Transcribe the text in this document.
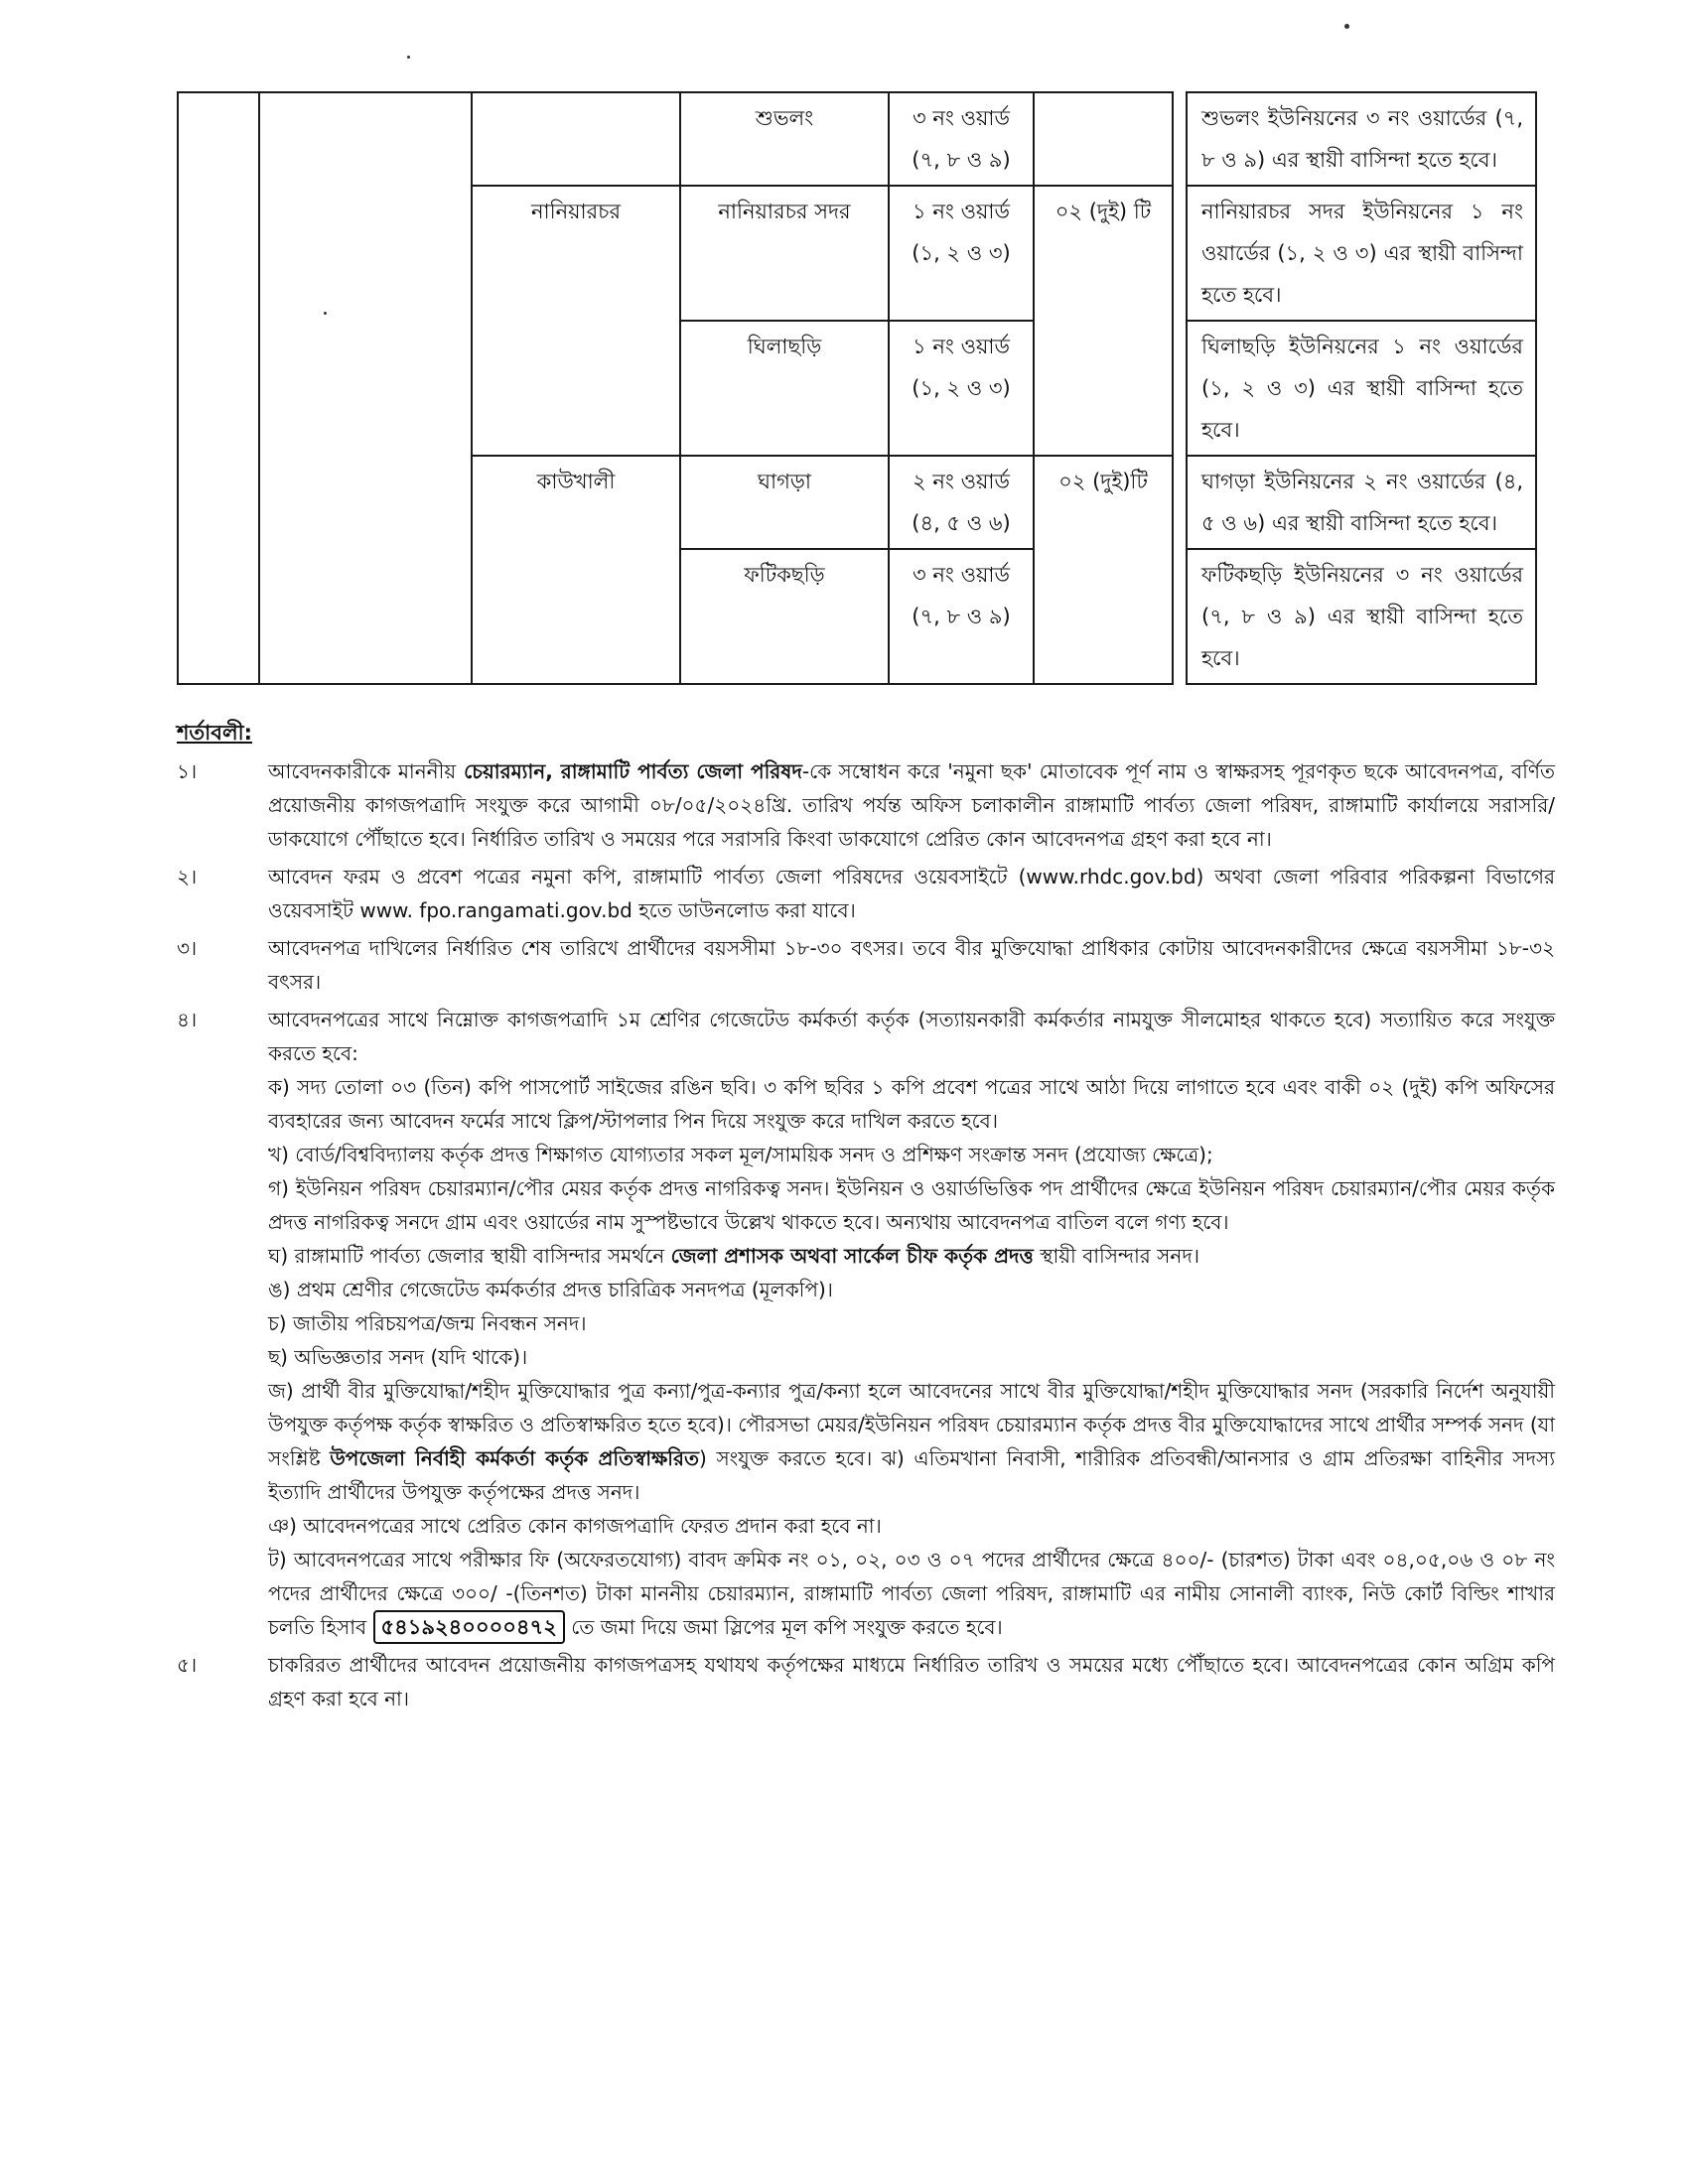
			শুভলং	৩ নং ওয়ার্ড (৭, ৮ ও ৯)			শুভলং ইউনিয়নের ৩ নং ওয়ার্ডের (৭, ৮ ও ৯) এর স্থায়ী বাসিন্দা হতে হবে।
		নানিয়ারচর	নানিয়ারচর সদর	১ নং ওয়ার্ড (১, ২ ও ৩)	০২ (দুই) টি		নানিয়ারচর সদর ইউনিয়নের ১ নং ওয়ার্ডের (১, ২ ও ৩) এর স্থায়ী বাসিন্দা হতে হবে।
			ঘিলাছড়ি	১ নং ওয়ার্ড (১, ২ ও ৩)			ঘিলাছড়ি ইউনিয়নের ১ নং ওয়ার্ডের (১, ২ ও ৩) এর স্থায়ী বাসিন্দা হতে হবে।
		কাউখালী	ঘাগড়া	২ নং ওয়ার্ড (৪, ৫ ও ৬)	০২ (দুই)টি		ঘাগড়া ইউনিয়নের ২ নং ওয়ার্ডের (৪, ৫ ও ৬) এর স্থায়ী বাসিন্দা হতে হবে।
			ফটিকছড়ি	৩ নং ওয়ার্ড (৭, ৮ ও ৯)			ফটিকছড়ি ইউনিয়নের ৩ নং ওয়ার্ডের (৭, ৮ ও ৯) এর স্থায়ী বাসিন্দা হতে হবে।
শর্তাবলী:
১।	আবেদনকারীকে মাননীয় চেয়ারম্যান, রাঙ্গামাটি পার্বত্য জেলা পরিষদ-কে সম্বোধন করে 'নমুনা ছক' মোতাবেক পূর্ণ নাম ও স্বাক্ষরসহ পূরণকৃত ছকে আবেদনপত্র, বর্ণিত প্রয়োজনীয় কাগজপত্রাদি সংযুক্ত করে আগামী ০৮/০৫/২০২৪খ্রি. তারিখ পর্যন্ত অফিস চলাকালীন রাঙ্গামাটি পার্বত্য জেলা পরিষদ, রাঙ্গামাটি কার্যালয়ে সরাসরি/ডাকযোগে পৌঁছাতে হবে। নির্ধারিত তারিখ ও সময়ের পরে সরাসরি কিংবা ডাকযোগে প্রেরিত কোন আবেদনপত্র গ্রহণ করা হবে না।
২।	আবেদন ফরম ও প্রবেশ পত্রের নমুনা কপি, রাঙ্গামাটি পার্বত্য জেলা পরিষদের ওয়েবসাইটে (www.rhdc.gov.bd) অথবা জেলা পরিবার পরিকল্পনা বিভাগের ওয়েবসাইট www. fpo.rangamati.gov.bd হতে ডাউনলোড করা যাবে।
৩।	আবেদনপত্র দাখিলের নির্ধারিত শেষ তারিখে প্রার্থীদের বয়সসীমা ১৮-৩০ বৎসর। তবে বীর মুক্তিযোদ্ধা প্রাধিকার কোটায় আবেদনকারীদের ক্ষেত্রে বয়সসীমা ১৮-৩২ বৎসর।
৪।	আবেদনপত্রের সাথে নিম্নোক্ত কাগজপত্রাদি ১ম শ্রেণির গেজেটেড কর্মকর্তা কর্তৃক (সত্যায়নকারী কর্মকর্তার নামযুক্ত সীলমোহর থাকতে হবে) সত্যায়িত করে সংযুক্ত করতে হবে:
ক) সদ্য তোলা ০৩ (তিন) কপি পাসপোর্ট সাইজের রঙিন ছবি। ৩ কপি ছবির ১ কপি প্রবেশ পত্রের সাথে আঠা দিয়ে লাগাতে হবে এবং বাকী ০২ (দুই) কপি অফিসের ব্যবহারের জন্য আবেদন ফর্মের সাথে ক্লিপ/স্টাপলার পিন দিয়ে সংযুক্ত করে দাখিল করতে হবে।
খ) বোর্ড/বিশ্ববিদ্যালয় কর্তৃক প্রদত্ত শিক্ষাগত যোগ্যতার সকল মূল/সাময়িক সনদ ও প্রশিক্ষণ সংক্রান্ত সনদ (প্রযোজ্য ক্ষেত্রে);
গ) ইউনিয়ন পরিষদ চেয়ারম্যান/পৌর মেয়র কর্তৃক প্রদত্ত নাগরিকত্ব সনদ। ইউনিয়ন ও ওয়ার্ডভিত্তিক পদ প্রার্থীদের ক্ষেত্রে ইউনিয়ন পরিষদ চেয়ারম্যান/পৌর মেয়র কর্তৃক প্রদত্ত নাগরিকত্ব সনদে গ্রাম এবং ওয়ার্ডের নাম সুস্পষ্টভাবে উল্লেখ থাকতে হবে। অন্যথায় আবেদনপত্র বাতিল বলে গণ্য হবে।
ঘ) রাঙ্গামাটি পার্বত্য জেলার স্থায়ী বাসিন্দার সমর্থনে জেলা প্রশাসক অথবা সার্কেল চীফ কর্তৃক প্রদত্ত স্থায়ী বাসিন্দার সনদ।
ঙ) প্রথম শ্রেণীর গেজেটেড কর্মকর্তার প্রদত্ত চারিত্রিক সনদপত্র (মূলকপি)।
চ) জাতীয় পরিচয়পত্র/জন্ম নিবন্ধন সনদ।
ছ) অভিজ্ঞতার সনদ (যদি থাকে)।
জ) প্রার্থী বীর মুক্তিযোদ্ধা/শহীদ মুক্তিযোদ্ধার পুত্র কন্যা/পুত্র-কন্যার পুত্র/কন্যা হলে আবেদনের সাথে বীর মুক্তিযোদ্ধা/শহীদ মুক্তিযোদ্ধার সনদ (সরকারি নির্দেশ অনুযায়ী উপযুক্ত কর্তৃপক্ষ কর্তৃক স্বাক্ষরিত ও প্রতিস্বাক্ষরিত হতে হবে)। পৌরসভা মেয়র/ইউনিয়ন পরিষদ চেয়ারম্যান কর্তৃক প্রদত্ত বীর মুক্তিযোদ্ধাদের সাথে প্রার্থীর সম্পর্ক সনদ (যা সংশ্লিষ্ট উপজেলা নির্বাহী কর্মকর্তা কর্তৃক প্রতিস্বাক্ষরিত) সংযুক্ত করতে হবে। ঝ) এতিমখানা নিবাসী, শারীরিক প্রতিবন্ধী/আনসার ও গ্রাম প্রতিরক্ষা বাহিনীর সদস্য ইত্যাদি প্রার্থীদের উপযুক্ত কর্তৃপক্ষের প্রদত্ত সনদ।
ঞ) আবেদনপত্রের সাথে প্রেরিত কোন কাগজপত্রাদি ফেরত প্রদান করা হবে না।
ট) আবেদনপত্রের সাথে পরীক্ষার ফি (অফেরতযোগ্য) বাবদ ক্রমিক নং ০১, ০২, ০৩ ও ০৭ পদের প্রার্থীদের ক্ষেত্রে ৪০০/- (চারশত) টাকা এবং ০৪,০৫,০৬ ও ০৮ নং পদের প্রার্থীদের ক্ষেত্রে ৩০০/ -(তিনশত) টাকা মাননীয় চেয়ারম্যান, রাঙ্গামাটি পার্বত্য জেলা পরিষদ, রাঙ্গামাটি এর নামীয় সোনালী ব্যাংক, নিউ কোর্ট বিল্ডিং শাখার চলতি হিসাব ৫৪১৯২৪০০০০৪৭২ তে জমা দিয়ে জমা স্লিপের মূল কপি সংযুক্ত করতে হবে।
৫।	চাকরিরত প্রার্থীদের আবেদন প্রয়োজনীয় কাগজপত্রসহ যথাযথ কর্তৃপক্ষের মাধ্যমে নির্ধারিত তারিখ ও সময়ের মধ্যে পৌঁছাতে হবে। আবেদনপত্রের কোন অগ্রিম কপি গ্রহণ করা হবে না।
